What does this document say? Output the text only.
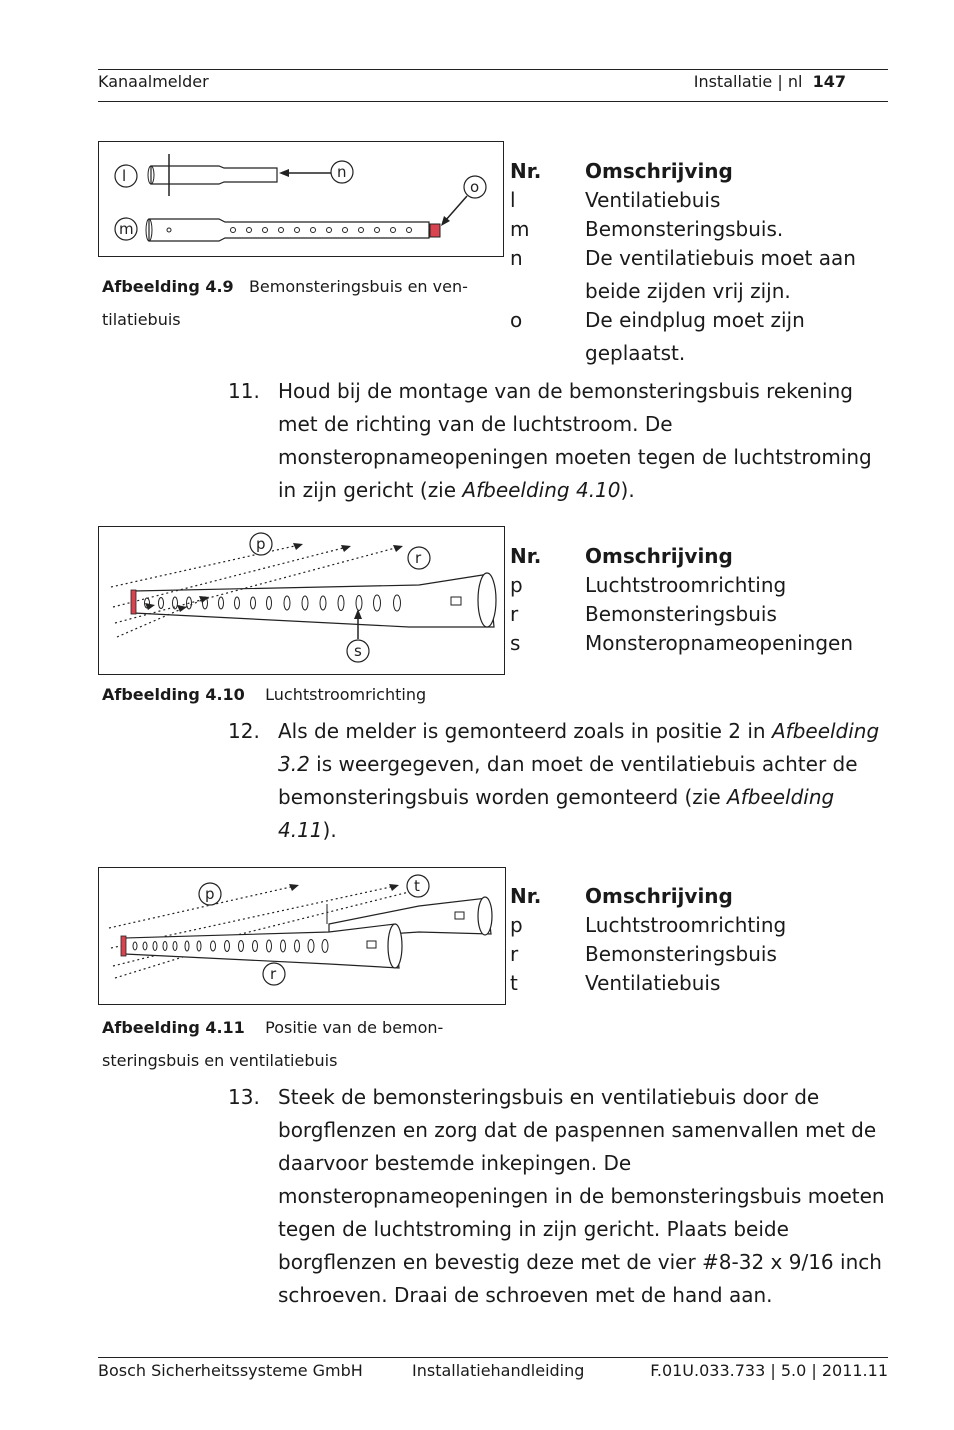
Kanaalmelder	Installatie | nl 147
l	n
m
o
Afbeelding 4.9 Bemonsteringsbuis en ven-
tilatiebuis
Nr.	Omschrijving
l	Ventilatiebuis
m	Bemonsteringsbuis.
n	De ventilatiebuis moet aan
beide zijden vrij zijn.
o	De eindplug moet zijn
geplaatst.
11. Houd bij de montage van de bemonsteringsbuis rekening met de richting van de luchtstroom. De monsteropnameopeningen moeten tegen de luchtstroming in zijn gericht (zie Afbeelding 4.10).
p
r
s
Afbeelding 4.10 Luchtstroomrichting
Nr.	Omschrijving
p	Luchtstroomrichting
r	Bemonsteringsbuis
s	Monsteropnameopeningen
12. Als de melder is gemonteerd zoals in positie 2 in Afbeelding 3.2 is weergegeven, dan moet de ventilatiebuis achter de bemonsteringsbuis worden gemonteerd (zie Afbeelding 4.11).
p	t
r
Afbeelding 4.11 Positie van de bemon-
steringsbuis en ventilatiebuis
Nr.	Omschrijving
p	Luchtstroomrichting
r	Bemonsteringsbuis
t	Ventilatiebuis
13. Steek de bemonsteringsbuis en ventilatiebuis door de borgflenzen en zorg dat de paspennen samenvallen met de daarvoor bestemde inkepingen. De monsteropnameopeningen in de bemonsteringsbuis moeten tegen de luchtstroming in zijn gericht. Plaats beide borgflenzen en bevestig deze met de vier #8-32 x 9/16 inch schroeven. Draai de schroeven met de hand aan.
Bosch Sicherheitssysteme GmbH	Installatiehandleiding	F.01U.033.733 | 5.0 | 2011.11
